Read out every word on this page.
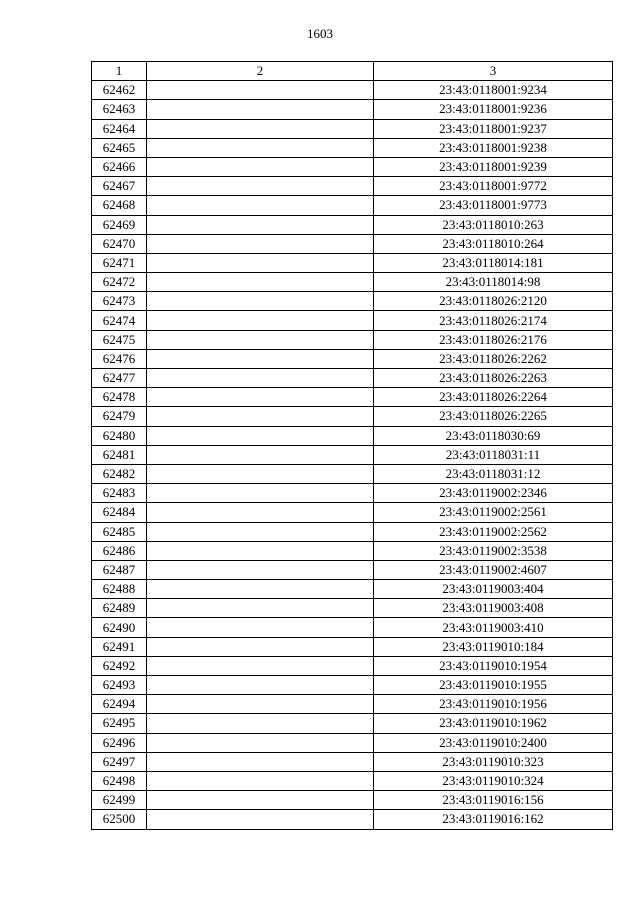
1603
1	2	3
62462		23:43:0118001:9234
62463		23:43:0118001:9236
62464		23:43:0118001:9237
62465		23:43:0118001:9238
62466		23:43:0118001:9239
62467		23:43:0118001:9772
62468		23:43:0118001:9773
62469		23:43:0118010:263
62470		23:43:0118010:264
62471		23:43:0118014:181
62472		23:43:0118014:98
62473		23:43:0118026:2120
62474		23:43:0118026:2174
62475		23:43:0118026:2176
62476		23:43:0118026:2262
62477		23:43:0118026:2263
62478		23:43:0118026:2264
62479		23:43:0118026:2265
62480		23:43:0118030:69
62481		23:43:0118031:11
62482		23:43:0118031:12
62483		23:43:0119002:2346
62484		23:43:0119002:2561
62485		23:43:0119002:2562
62486		23:43:0119002:3538
62487		23:43:0119002:4607
62488		23:43:0119003:404
62489		23:43:0119003:408
62490		23:43:0119003:410
62491		23:43:0119010:184
62492		23:43:0119010:1954
62493		23:43:0119010:1955
62494		23:43:0119010:1956
62495		23:43:0119010:1962
62496		23:43:0119010:2400
62497		23:43:0119010:323
62498		23:43:0119010:324
62499		23:43:0119016:156
62500		23:43:0119016:162
